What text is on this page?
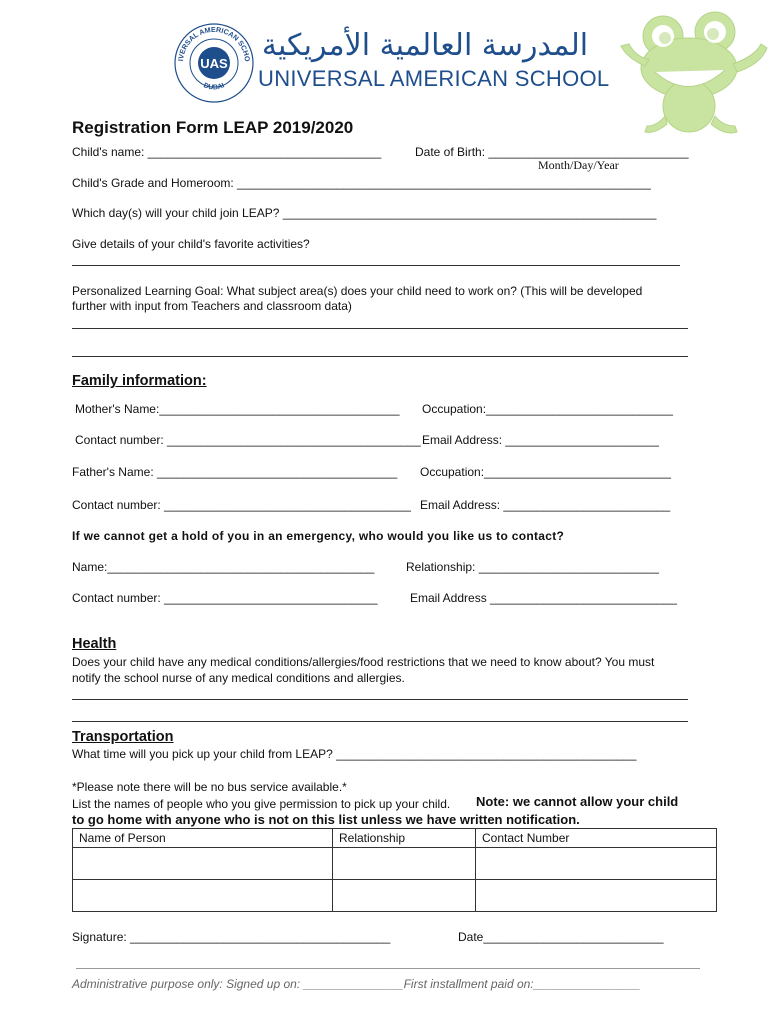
IVERSAL AMERICAN SCHO
DUBAI
UAS
المدرسة العالمية الأمريكية
UNIVERSAL AMERICAN SCHOOL
Registration Form LEAP 2019/2020
Child's name: ___________________________________	Date of Birth: ______________________________
Month/Day/Year
Child's Grade and Homeroom: ______________________________________________________________
Which day(s) will your child join LEAP? ________________________________________________________
Give details of your child's favorite activities?
Personalized Learning Goal: What subject area(s) does your child need to work on? (This will be developed
further with input from Teachers and classroom data)
Family information:
Mother's Name:____________________________________ Occupation:____________________________
Contact number: ______________________________________ Email Address: _______________________
Father's Name: ____________________________________ Occupation:____________________________
Contact number: _____________________________________ Email Address: _________________________
If we cannot get a hold of you in an emergency, who would you like us to contact?
Name:________________________________________	Relationship: ___________________________
Contact number: ________________________________	Email Address ____________________________
Health
Does your child have any medical conditions/allergies/food restrictions that we need to know about? You must
notify the school nurse of any medical conditions and allergies.
Transportation
What time will you pick up your child from LEAP? _____________________________________________
*Please note there will be no bus service available.*
List the names of people who you give permission to pick up your child. Note: we cannot allow your child
to go home with anyone who is not on this list unless we have written notification.
Name of Person	Relationship	Contact Number

Signature: _______________________________________	Date___________________________
Administrative purpose only: Signed up on: _______________First installment paid on:________________
